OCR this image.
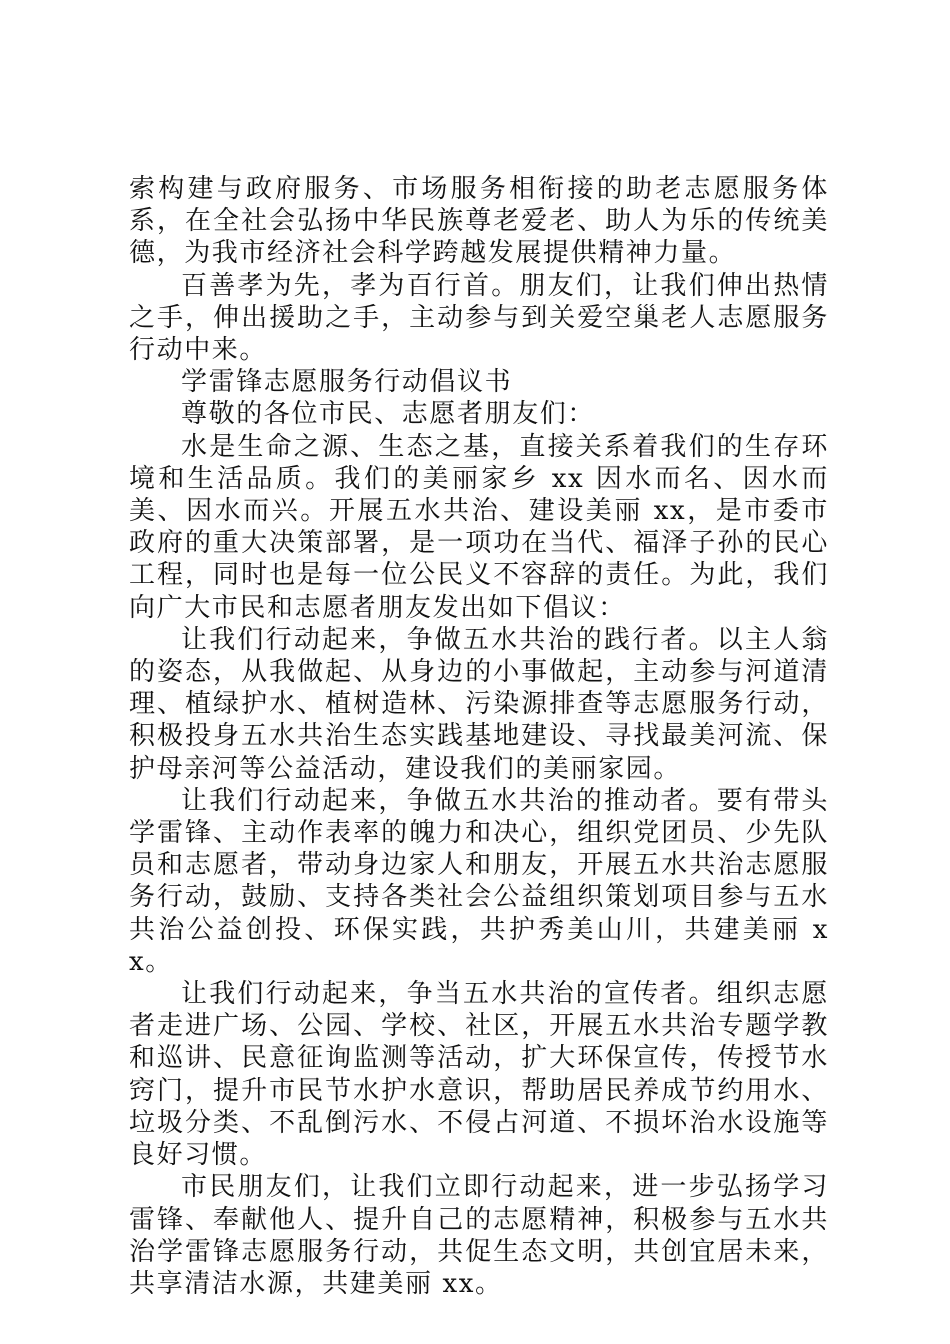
索构建与政府服务、市场服务相衔接的助老志愿服务体系，在全社会弘扬中华民族尊老爱老、助人为乐的传统美德，为我市经济社会科学跨越发展提供精神力量。

百善孝为先，孝为百行首。朋友们，让我们伸出热情之手，伸出援助之手，主动参与到关爱空巢老人志愿服务行动中来。

学雷锋志愿服务行动倡议书

尊敬的各位市民、志愿者朋友们：

水是生命之源、生态之基，直接关系着我们的生存环境和生活品质。我们的美丽家乡 xx 因水而名、因水而美、因水而兴。开展五水共治、建设美丽 xx，是市委市政府的重大决策部署，是一项功在当代、福泽子孙的民心工程，同时也是每一位公民义不容辞的责任。为此，我们向广大市民和志愿者朋友发出如下倡议：

让我们行动起来，争做五水共治的践行者。以主人翁的姿态，从我做起、从身边的小事做起，主动参与河道清理、植绿护水、植树造林、污染源排查等志愿服务行动，积极投身五水共治生态实践基地建设、寻找最美河流、保护母亲河等公益活动，建设我们的美丽家园。

让我们行动起来，争做五水共治的推动者。要有带头学雷锋、主动作表率的魄力和决心，组织党团员、少先队员和志愿者，带动身边家人和朋友，开展五水共治志愿服务行动，鼓励、支持各类社会公益组织策划项目参与五水共治公益创投、环保实践，共护秀美山川，共建美丽 xx。

让我们行动起来，争当五水共治的宣传者。组织志愿者走进广场、公园、学校、社区，开展五水共治专题学教和巡讲、民意征询监测等活动，扩大环保宣传，传授节水窍门，提升市民节水护水意识，帮助居民养成节约用水、垃圾分类、不乱倒污水、不侵占河道、不损坏治水设施等良好习惯。

市民朋友们，让我们立即行动起来，进一步弘扬学习雷锋、奉献他人、提升自己的志愿精神，积极参与五水共治学雷锋志愿服务行动，共促生态文明，共创宜居未来，共享清洁水源，共建美丽 xx。
